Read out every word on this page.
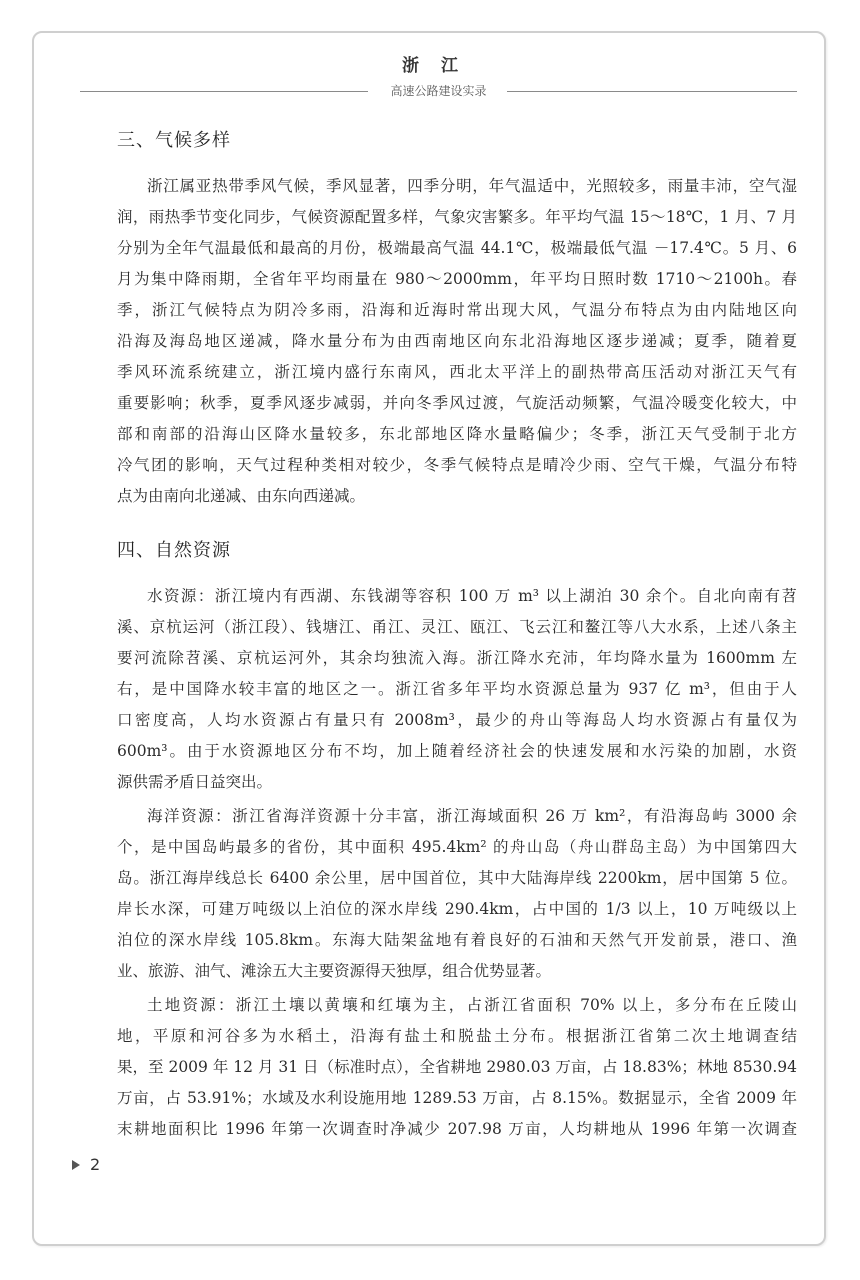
浙江
高速公路建设实录
三、气候多样
浙江属亚热带季风气候，季风显著，四季分明，年气温适中，光照较多，雨量丰沛，空气湿
润，雨热季节变化同步，气候资源配置多样，气象灾害繁多。年平均气温 15～18℃，1 月、7 月
分别为全年气温最低和最高的月份，极端最高气温 44.1℃，极端最低气温 －17.4℃。5 月、6
月为集中降雨期，全省年平均雨量在 980～2000mm，年平均日照时数 1710～2100h。春
季，浙江气候特点为阴冷多雨，沿海和近海时常出现大风，气温分布特点为由内陆地区向
沿海及海岛地区递减，降水量分布为由西南地区向东北沿海地区逐步递减；夏季，随着夏
季风环流系统建立，浙江境内盛行东南风，西北太平洋上的副热带高压活动对浙江天气有
重要影响；秋季，夏季风逐步减弱，并向冬季风过渡，气旋活动频繁，气温冷暖变化较大，中
部和南部的沿海山区降水量较多，东北部地区降水量略偏少；冬季，浙江天气受制于北方
冷气团的影响，天气过程种类相对较少，冬季气候特点是晴冷少雨、空气干燥，气温分布特
点为由南向北递减、由东向西递减。
四、自然资源
水资源：浙江境内有西湖、东钱湖等容积 100 万 m³ 以上湖泊 30 余个。自北向南有苕
溪、京杭运河（浙江段）、钱塘江、甬江、灵江、瓯江、飞云江和鳌江等八大水系，上述八条主
要河流除苕溪、京杭运河外，其余均独流入海。浙江降水充沛，年均降水量为 1600mm 左
右，是中国降水较丰富的地区之一。浙江省多年平均水资源总量为 937 亿 m³，但由于人
口密度高，人均水资源占有量只有 2008m³，最少的舟山等海岛人均水资源占有量仅为
600m³。由于水资源地区分布不均，加上随着经济社会的快速发展和水污染的加剧，水资
源供需矛盾日益突出。
海洋资源：浙江省海洋资源十分丰富，浙江海域面积 26 万 km²，有沿海岛屿 3000 余
个，是中国岛屿最多的省份，其中面积 495.4km² 的舟山岛（舟山群岛主岛）为中国第四大
岛。浙江海岸线总长 6400 余公里，居中国首位，其中大陆海岸线 2200km，居中国第 5 位。
岸长水深，可建万吨级以上泊位的深水岸线 290.4km，占中国的 1/3 以上，10 万吨级以上
泊位的深水岸线 105.8km。东海大陆架盆地有着良好的石油和天然气开发前景，港口、渔
业、旅游、油气、滩涂五大主要资源得天独厚，组合优势显著。
土地资源：浙江土壤以黄壤和红壤为主，占浙江省面积 70% 以上，多分布在丘陵山
地，平原和河谷多为水稻土，沿海有盐土和脱盐土分布。根据浙江省第二次土地调查结
果，至 2009 年 12 月 31 日（标准时点），全省耕地 2980.03 万亩，占 18.83%；林地 8530.94
万亩，占 53.91%；水域及水利设施用地 1289.53 万亩，占 8.15%。数据显示，全省 2009 年
末耕地面积比 1996 年第一次调查时净减少 207.98 万亩，人均耕地从 1996 年第一次调查
2
